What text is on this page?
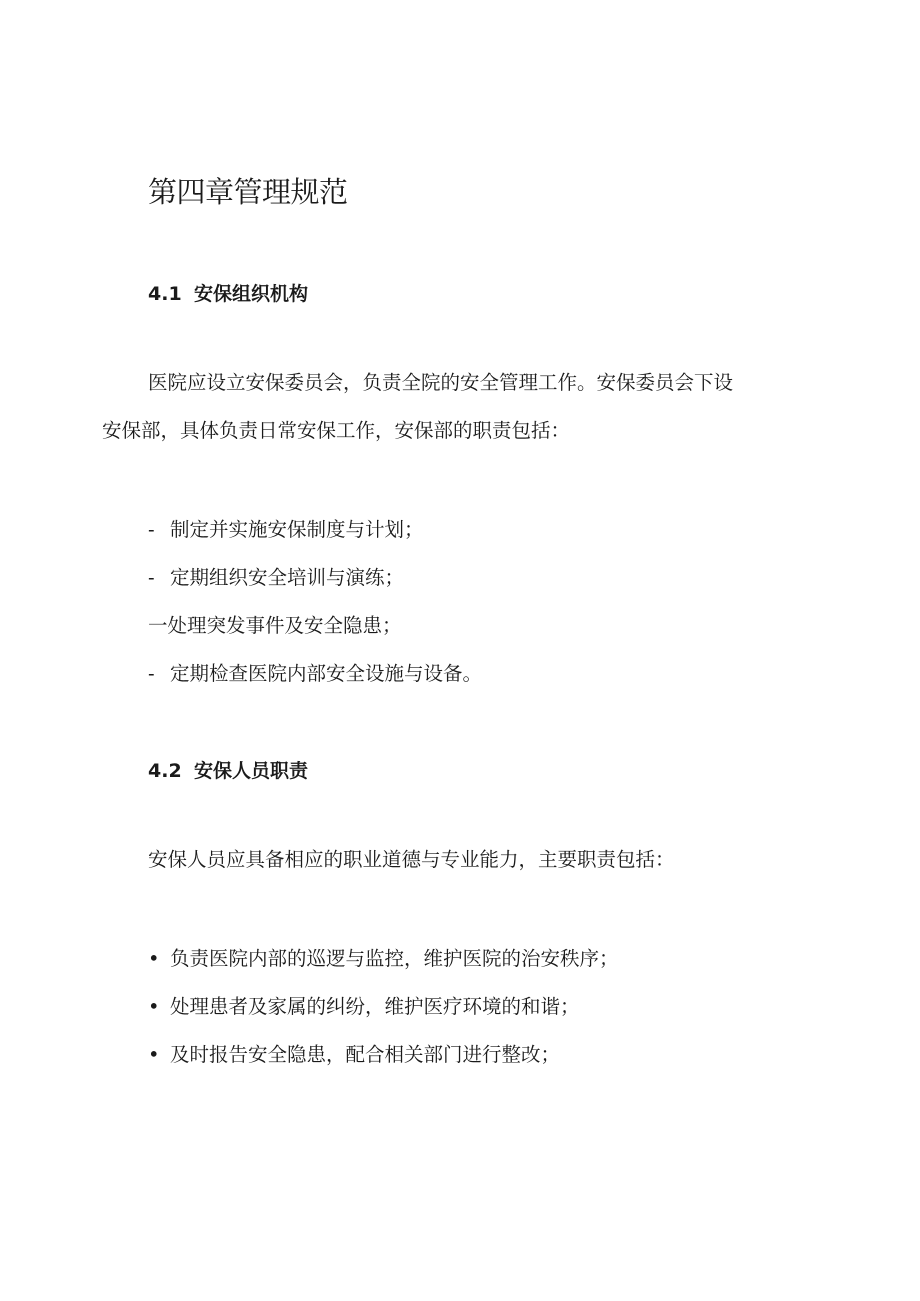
第四章管理规范
4.1 安保组织机构

医院应设立安保委员会，负责全院的安全管理工作。安保委员会下设

安保部，具体负责日常安保工作，安保部的职责包括：

- 制定并实施安保制度与计划；
- 定期组织安全培训与演练；
一处理突发事件及安全隐患；
- 定期检查医院内部安全设施与设备。
4.2 安保人员职责

安保人员应具备相应的职业道德与专业能力，主要职责包括：

• 负责医院内部的巡逻与监控，维护医院的治安秩序；
• 处理患者及家属的纠纷，维护医疗环境的和谐；
• 及时报告安全隐患，配合相关部门进行整改；
